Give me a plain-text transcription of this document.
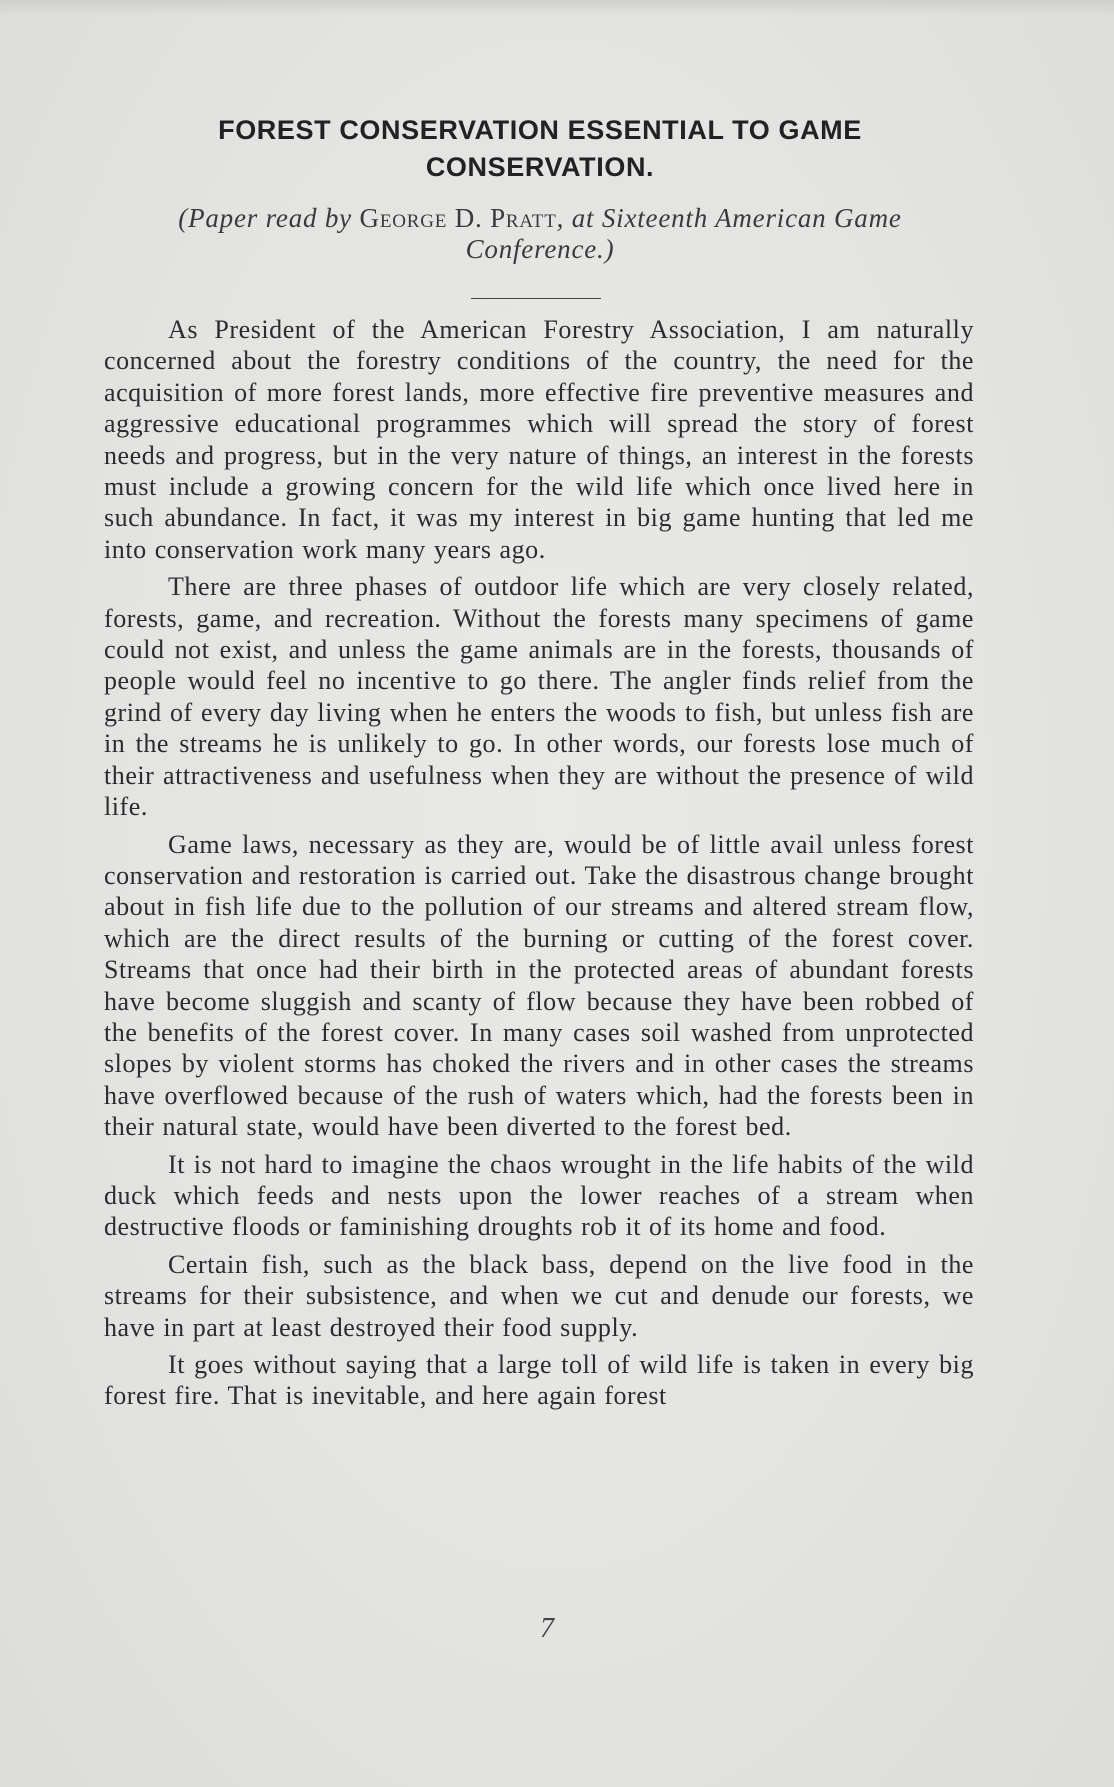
FOREST CONSERVATION ESSENTIAL TO GAME CONSERVATION.

(Paper read by George D. Pratt, at Sixteenth American Game Conference.)

As President of the American Forestry Association, I am naturally concerned about the forestry conditions of the country, the need for the acquisition of more forest lands, more effective fire preventive measures and aggressive educational programmes which will spread the story of forest needs and progress, but in the very nature of things, an interest in the forests must include a growing concern for the wild life which once lived here in such abundance. In fact, it was my interest in big game hunting that led me into conservation work many years ago.

There are three phases of outdoor life which are very closely related, forests, game, and recreation. Without the forests many specimens of game could not exist, and unless the game animals are in the forests, thousands of people would feel no incentive to go there. The angler finds relief from the grind of every day living when he enters the woods to fish, but unless fish are in the streams he is unlikely to go. In other words, our forests lose much of their attractiveness and usefulness when they are without the presence of wild life.

Game laws, necessary as they are, would be of little avail unless forest conservation and restoration is carried out. Take the disastrous change brought about in fish life due to the pollution of our streams and altered stream flow, which are the direct results of the burning or cutting of the forest cover. Streams that once had their birth in the protected areas of abundant forests have become sluggish and scanty of flow because they have been robbed of the benefits of the forest cover. In many cases soil washed from unprotected slopes by violent storms has choked the rivers and in other cases the streams have overflowed because of the rush of waters which, had the forests been in their natural state, would have been diverted to the forest bed.

It is not hard to imagine the chaos wrought in the life habits of the wild duck which feeds and nests upon the lower reaches of a stream when destructive floods or faminishing droughts rob it of its home and food.

Certain fish, such as the black bass, depend on the live food in the streams for their subsistence, and when we cut and denude our forests, we have in part at least destroyed their food supply.

It goes without saying that a large toll of wild life is taken in every big forest fire. That is inevitable, and here again forest

7
